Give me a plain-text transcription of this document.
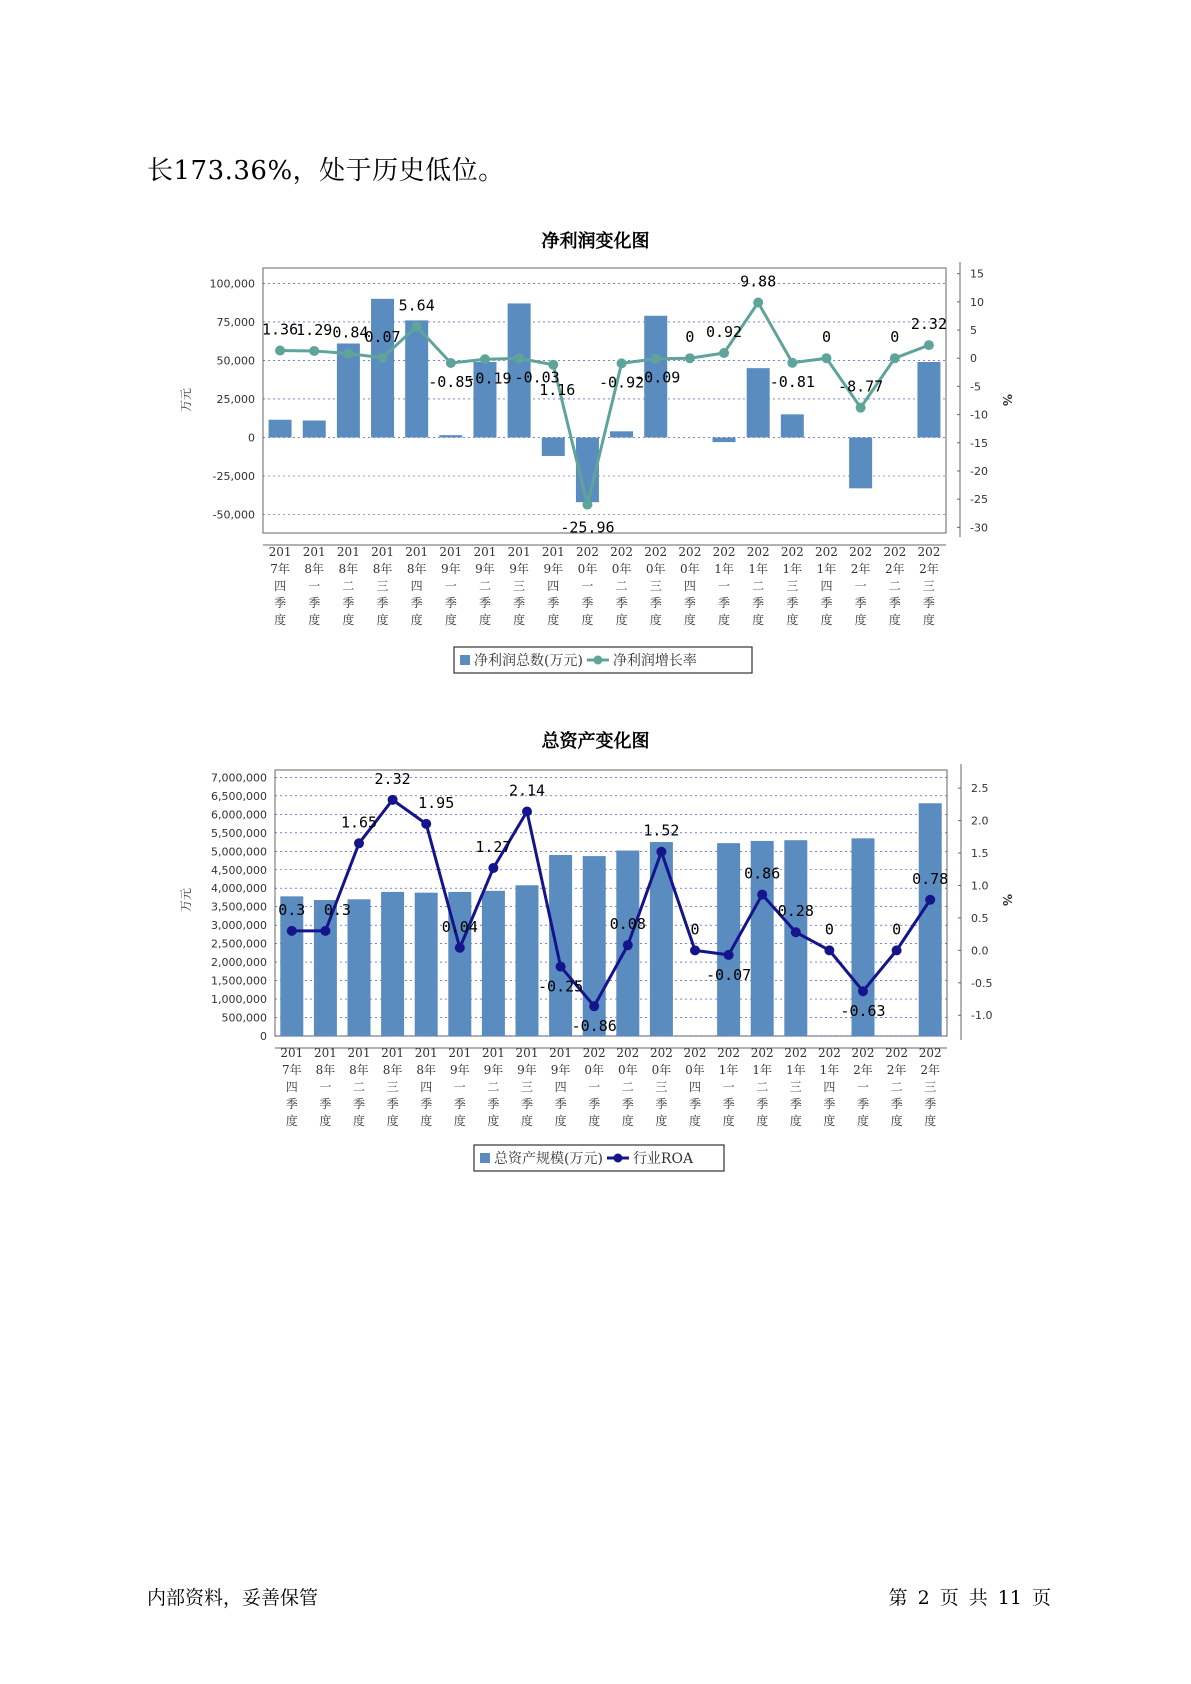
长173.36%，处于历史低位。
净利润变化图
100,000
75,000
50,000
25,000
0
-25,000
-50,000
15
10
5
0
-5
-10
-15
-20
-25
-30
万元	%
201 7年四季度
201 8年一季度
201 8年二季度
201 8年三季度
201 8年四季度
201 9年一季度
201 9年二季度
201 9年三季度
201 9年四季度
202 0年一季度
202 0年二季度
202 0年三季度
202 0年四季度
202 1年一季度
202 1年二季度
202 1年三季度
202 1年四季度
202 2年一季度
202 2年二季度
202 2年三季度
1.36
1.29 0.84
0.07
5.64
-0.85
-0.19 -0.03
1.16
-25.96
-0.92
-0.09
0 0.92
9.88
-0.81
0
-8.77
0
2.32
净利润总数(万元) 净利润增长率
总资产变化图
7,000,000
6,500,000
6,000,000
5,500,000
5,000,000
4,500,000
4,000,000
3,500,000
3,000,000
2,500,000
2,000,000
1,500,000
1,000,000
500,000
0
2.5
2.0
1.5
1.0
0.5
0.0
-0.5
-1.0
万元	%
201 7年四季度
201 8年一季度
201 8年二季度
201 8年三季度
201 8年四季度
201 9年一季度
201 9年二季度
201 9年三季度
201 9年四季度
202 0年一季度
202 0年二季度
202 0年三季度
202 0年四季度
202 1年一季度
202 1年二季度
202 1年三季度
202 1年四季度
202 2年一季度
202 2年二季度
202 2年三季度
0.3 0.3
1.65
2.32
1.95
0.04
1.27
2.14
-0.25
-0.86
0.08
1.52
0
-0.07
0.86
0.28
0
-0.63
0
0.78
总资产规模(万元) 行业ROA
内部资料，妥善保管	第 2 页 共 11 页
